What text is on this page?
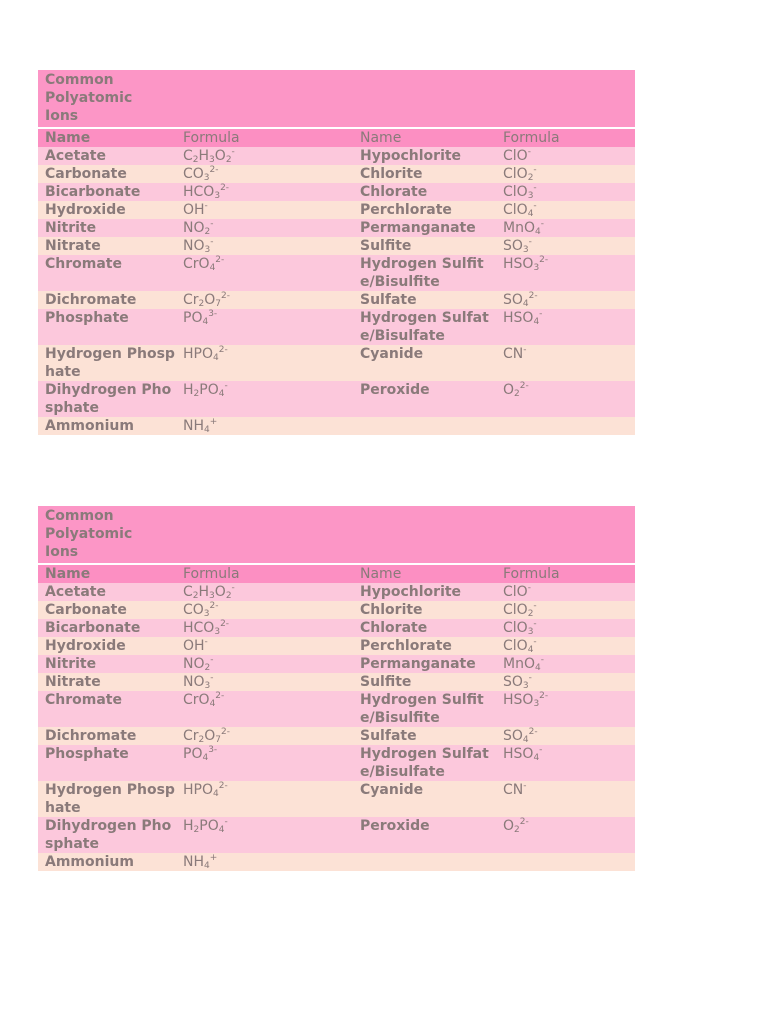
Common Polyatomic Ions			

Name	Formula	Name	Formula
Acetate	$C_2H_3O_2^-$	Hypochlorite	ClO-
Carbonate	$CO_3^{2-}$	Chlorite	ClO$_2$-
Bicarbonate	$HCO_3^{2-}$	Chlorate	ClO$_3$-
Hydroxide	OH-	Perchlorate	ClO$_4$-
Nitrite	$NO_2^-$	Permanganate	MnO$_4$-
Nitrate	$NO_3^-$	Sulfite	$SO_3^-$
Chromate	CrO$_4^{2-}$	Hydrogen Sulfite/Bisulfite	$HSO_3^{2-}$
Dichromate	$Cr_2O_7^{2-}$	Sulfate	$SO_4^{2-}$
Phosphate	$PO_4^{3-}$	Hydrogen Sulfate/Bisulfate	$HSO_4^-$
Hydrogen Phosphate	$HPO_4^{2-}$	Cyanide	CN-
Dihydrogen Phosphate	$H_2PO_4^-$	Peroxide	$O_2^{2-}$
Ammonium	$NH_4^+$		
Common Polyatomic Ions			

Name	Formula	Name	Formula
Acetate	$C_2H_3O_2^-$	Hypochlorite	ClO-
Carbonate	$CO_3^{2-}$	Chlorite	ClO$_2$-
Bicarbonate	$HCO_3^{2-}$	Chlorate	ClO$_3$-
Hydroxide	OH-	Perchlorate	ClO$_4$-
Nitrite	$NO_2^-$	Permanganate	MnO$_4$-
Nitrate	$NO_3^-$	Sulfite	$SO_3^-$
Chromate	CrO$_4^{2-}$	Hydrogen Sulfite/Bisulfite	$HSO_3^{2-}$
Dichromate	$Cr_2O_7^{2-}$	Sulfate	$SO_4^{2-}$
Phosphate	$PO_4^{3-}$	Hydrogen Sulfate/Bisulfate	$HSO_4^-$
Hydrogen Phosphate	$HPO_4^{2-}$	Cyanide	CN-
Dihydrogen Phosphate	$H_2PO_4^-$	Peroxide	$O_2^{2-}$
Ammonium	$NH_4^+$		
